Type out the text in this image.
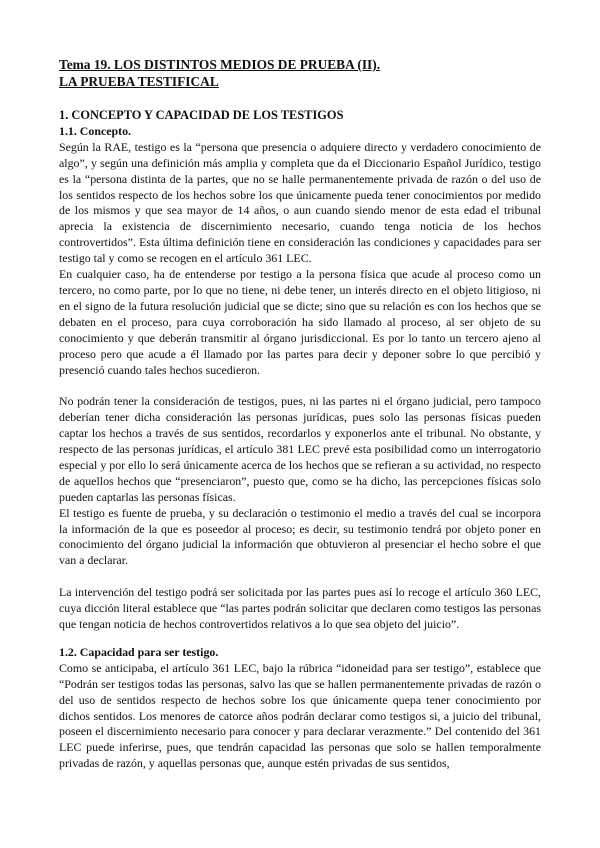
Tema 19. LOS DISTINTOS MEDIOS DE PRUEBA (II).
LA PRUEBA TESTIFICAL
1. CONCEPTO Y CAPACIDAD DE LOS TESTIGOS
1.1. Concepto.

Según la RAE, testigo es la “persona que presencia o adquiere directo y verdadero conocimiento de algo”, y según una definición más amplia y completa que da el Diccionario Español Jurídico, testigo es la “persona distinta de la partes, que no se halle permanentemente privada de razón o del uso de los sentidos respecto de los hechos sobre los que únicamente pueda tener conocimientos por medido de los mismos y que sea mayor de 14 años, o aun cuando siendo menor de esta edad el tribunal aprecia la existencia de discernimiento necesario, cuando tenga noticia de los hechos controvertidos”. Esta última definición tiene en consideración las condiciones y capacidades para ser testigo tal y como se recogen en el artículo 361 LEC.

En cualquier caso, ha de entenderse por testigo a la persona física que acude al proceso como un tercero, no como parte, por lo que no tiene, ni debe tener, un interés directo en el objeto litigioso, ni en el signo de la futura resolución judicial que se dicte; sino que su relación es con los hechos que se debaten en el proceso, para cuya corroboración ha sido llamado al proceso, al ser objeto de su conocimiento y que deberán transmitir al órgano jurisdiccional. Es por lo tanto un tercero ajeno al proceso pero que acude a él llamado por las partes para decir y deponer sobre lo que percibió y presenció cuando tales hechos sucedieron.

No podrán tener la consideración de testigos, pues, ni las partes ni el órgano judicial, pero tampoco deberían tener dicha consideración las personas jurídicas, pues solo las personas físicas pueden captar los hechos a través de sus sentidos, recordarlos y exponerlos ante el tribunal. No obstante, y respecto de las personas jurídicas, el artículo 381 LEC prevé esta posibilidad como un interrogatorio especial y por ello lo será únicamente acerca de los hechos que se refieran a su actividad, no respecto de aquellos hechos que “presenciaron”, puesto que, como se ha dicho, las percepciones físicas solo pueden captarlas las personas físicas.

El testigo es fuente de prueba, y su declaración o testimonio el medio a través del cual se incorpora la información de la que es poseedor al proceso; es decir, su testimonio tendrá por objeto poner en conocimiento del órgano judicial la información que obtuvieron al presenciar el hecho sobre el que van a declarar.

La intervención del testigo podrá ser solicitada por las partes pues así lo recoge el artículo 360 LEC, cuya dicción literal establece que “las partes podrán solicitar que declaren como testigos las personas que tengan noticia de hechos controvertidos relativos a lo que sea objeto del juicio”.

1.2. Capacidad para ser testigo.

Como se anticipaba, el artículo 361 LEC, bajo la rúbrica “idoneidad para ser testigo”, establece que “Podrán ser testigos todas las personas, salvo las que se hallen permanentemente privadas de razón o del uso de sentidos respecto de hechos sobre los que únicamente quepa tener conocimiento por dichos sentidos. Los menores de catorce años podrán declarar como testigos si, a juicio del tribunal, poseen el discernimiento necesario para conocer y para declarar verazmente.” Del contenido del 361 LEC puede inferirse, pues, que tendrán capacidad las personas que solo se hallen temporalmente privadas de razón, y aquellas personas que, aunque estén privadas de sus sentidos,
